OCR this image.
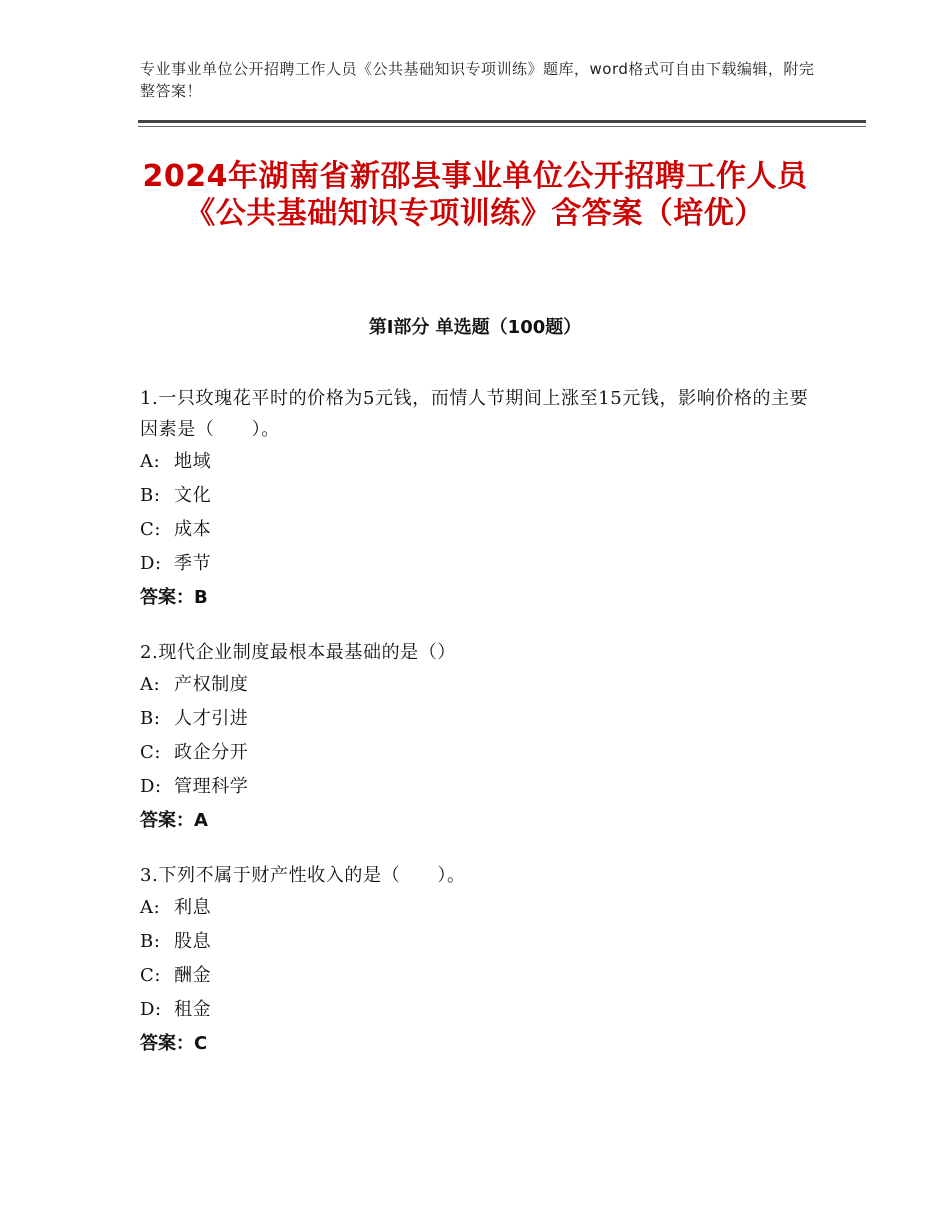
专业事业单位公开招聘工作人员《公共基础知识专项训练》题库，word格式可自由下载编辑，附完整答案！
2024年湖南省新邵县事业单位公开招聘工作人员《公共基础知识专项训练》含答案（培优）
第Ⅰ部分 单选题（100题）
1.一只玫瑰花平时的价格为5元钱，而情人节期间上涨至15元钱，影响价格的主要因素是（　　）。
A: 地域
B: 文化
C: 成本
D: 季节
答案：B
2.现代企业制度最根本最基础的是（）
A: 产权制度
B: 人才引进
C: 政企分开
D: 管理科学
答案：A
3.下列不属于财产性收入的是（　　）。
A: 利息
B: 股息
C: 酬金
D: 租金
答案：C
